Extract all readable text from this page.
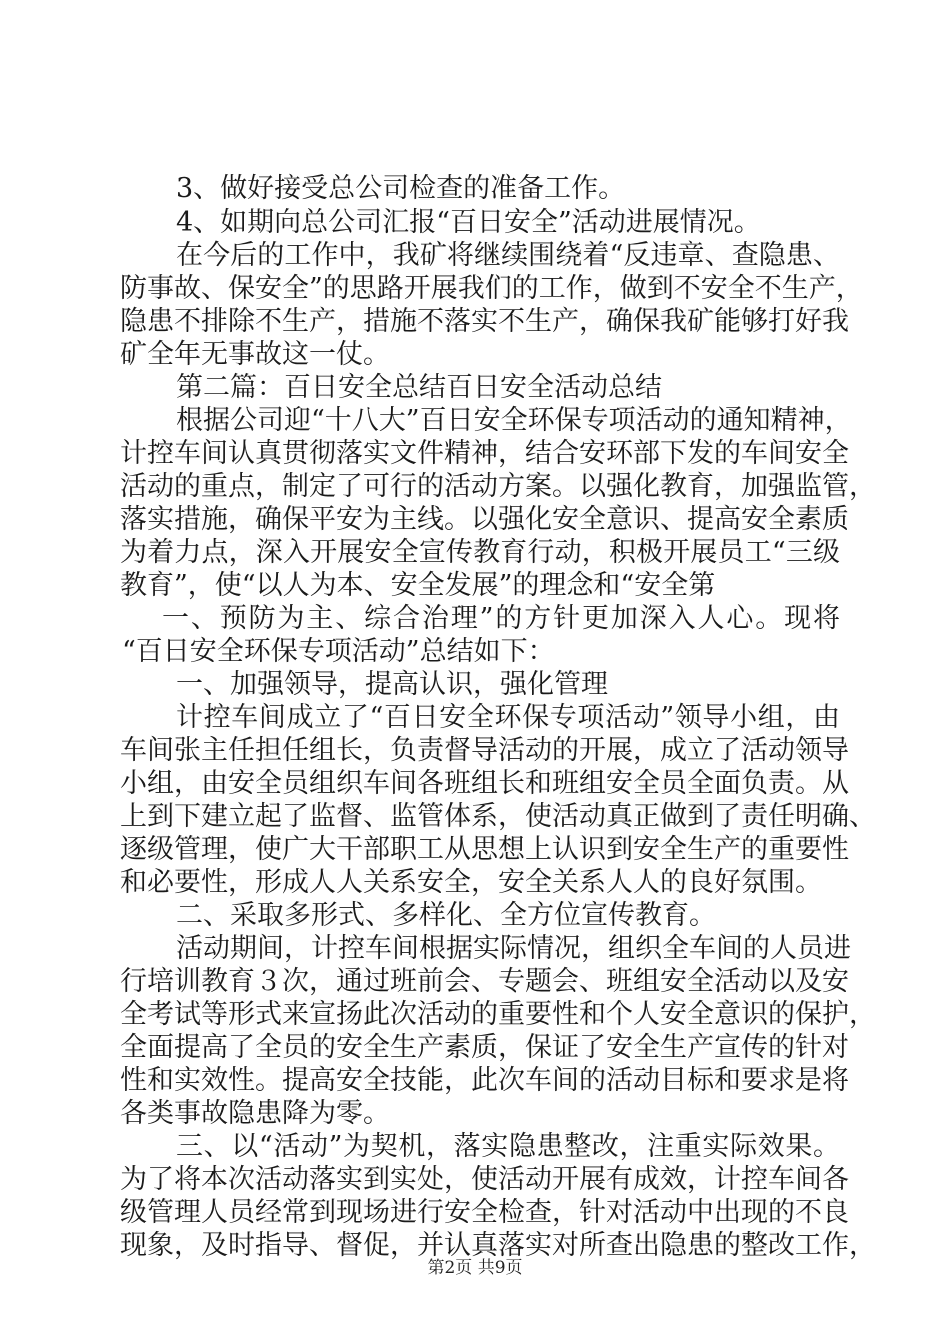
3、做好接受总公司检查的准备工作。
4、如期向总公司汇报“百日安全”活动进展情况。
在今后的工作中，我矿将继续围绕着“反违章、查隐患、
防事故、保安全”的思路开展我们的工作，做到不安全不生产，
隐患不排除不生产，措施不落实不生产，确保我矿能够打好我
矿全年无事故这一仗。
第二篇：百日安全总结百日安全活动总结
根据公司迎“十八大”百日安全环保专项活动的通知精神，
计控车间认真贯彻落实文件精神，结合安环部下发的车间安全
活动的重点，制定了可行的活动方案。以强化教育，加强监管，
落实措施，确保平安为主线。以强化安全意识、提高安全素质
为着力点，深入开展安全宣传教育行动，积极开展员工“三级
教育”，使“以人为本、安全发展”的理念和“安全第
一、预防为主、综合治理”的方针更加深入人心。现将
“百日安全环保专项活动”总结如下：
一、加强领导，提高认识，强化管理
计控车间成立了“百日安全环保专项活动”领导小组，由
车间张主任担任组长，负责督导活动的开展，成立了活动领导
小组，由安全员组织车间各班组长和班组安全员全面负责。从
上到下建立起了监督、监管体系，使活动真正做到了责任明确、
逐级管理，使广大干部职工从思想上认识到安全生产的重要性
和必要性，形成人人关系安全，安全关系人人的良好氛围。
二、采取多形式、多样化、全方位宣传教育。
活动期间，计控车间根据实际情况，组织全车间的人员进
行培训教育３次，通过班前会、专题会、班组安全活动以及安
全考试等形式来宣扬此次活动的重要性和个人安全意识的保护，
全面提高了全员的安全生产素质，保证了安全生产宣传的针对
性和实效性。提高安全技能，此次车间的活动目标和要求是将
各类事故隐患降为零。
三、以“活动”为契机，落实隐患整改，注重实际效果。
为了将本次活动落实到实处，使活动开展有成效，计控车间各
级管理人员经常到现场进行安全检查，针对活动中出现的不良
现象，及时指导、督促，并认真落实对所查出隐患的整改工作，
第2页 共9页
